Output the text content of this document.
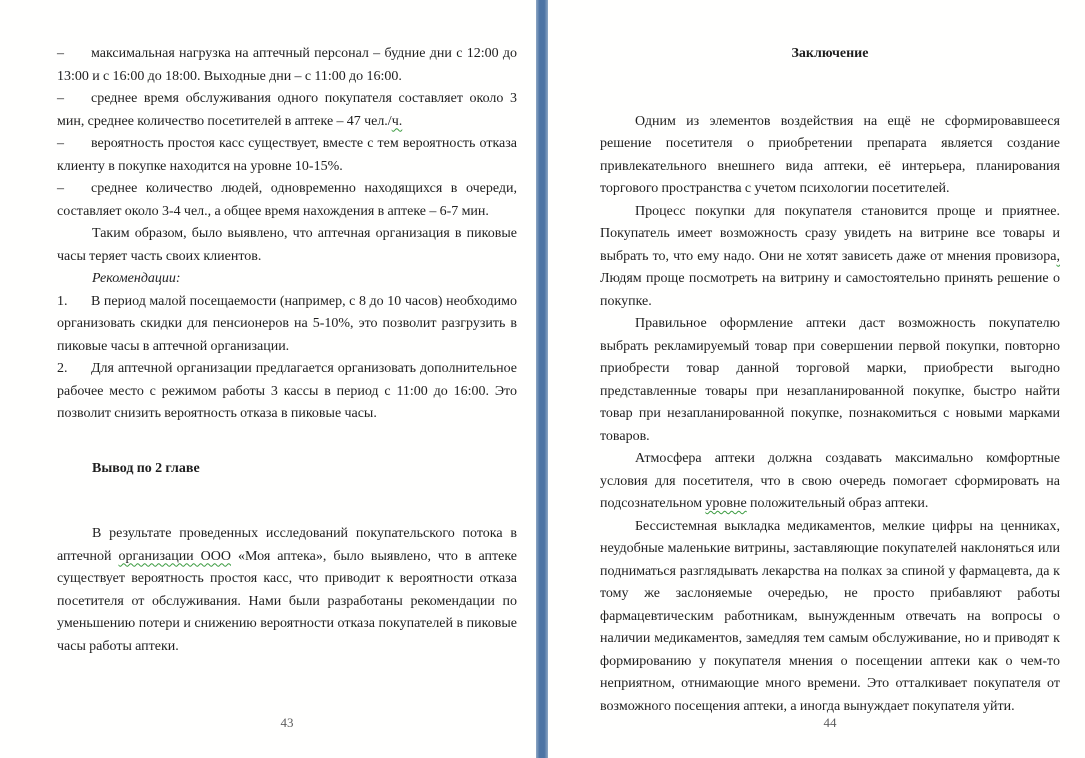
– максимальная нагрузка на аптечный персонал – будние дни с 12:00 до 13:00 и с 16:00 до 18:00. Выходные дни – с 11:00 до 16:00.

– среднее время обслуживания одного покупателя составляет около 3 мин, среднее количество посетителей в аптеке – 47 чел./ч.

– вероятность простоя касс существует, вместе с тем вероятность отказа клиенту в покупке находится на уровне 10-15%.

– среднее количество людей, одновременно находящихся в очереди, составляет около 3-4 чел., а общее время нахождения в аптеке – 6-7 мин.

Таким образом, было выявлено, что аптечная организация в пиковые часы теряет часть своих клиентов.

Рекомендации:

1. В период малой посещаемости (например, с 8 до 10 часов) необходимо организовать скидки для пенсионеров на 5-10%, это позволит разгрузить в пиковые часы в аптечной организации.

2. Для аптечной организации предлагается организовать дополнительное рабочее место с режимом работы 3 кассы в период с 11:00 до 16:00. Это позволит снизить вероятность отказа в пиковые часы.

Вывод по 2 главе

В результате проведенных исследований покупательского потока в аптечной организации ООО «Моя аптека», было выявлено, что в аптеке существует вероятность простоя касс, что приводит к вероятности отказа посетителя от обслуживания. Нами были разработаны рекомендации по уменьшению потери и снижению вероятности отказа покупателей в пиковые часы работы аптеки.

43

Заключение

Одним из элементов воздействия на ещё не сформировавшееся решение посетителя о приобретении препарата является создание привлекательного внешнего вида аптеки, её интерьера, планирования торгового пространства с учетом психологии посетителей.

Процесс покупки для покупателя становится проще и приятнее. Покупатель имеет возможность сразу увидеть на витрине все товары и выбрать то, что ему надо. Они не хотят зависеть даже от мнения провизора, Людям проще посмотреть на витрину и самостоятельно принять решение о покупке.

Правильное оформление аптеки даст возможность покупателю выбрать рекламируемый товар при совершении первой покупки, повторно приобрести товар данной торговой марки, приобрести выгодно представленные товары при незапланированной покупке, быстро найти товар при незапланированной покупке, познакомиться с новыми марками товаров.

Атмосфера аптеки должна создавать максимально комфортные условия для посетителя, что в свою очередь помогает сформировать на подсознательном уровне положительный образ аптеки.

Бессистемная выкладка медикаментов, мелкие цифры на ценниках, неудобные маленькие витрины, заставляющие покупателей наклоняться или подниматься разглядывать лекарства на полках за спиной у фармацевта, да к тому же заслоняемые очередью, не просто прибавляют работы фармацевтическим работникам, вынужденным отвечать на вопросы о наличии медикаментов, замедляя тем самым обслуживание, но и приводят к формированию у покупателя мнения о посещении аптеки как о чем-то неприятном, отнимающие много времени. Это отталкивает покупателя от возможного посещения аптеки, а иногда вынуждает покупателя уйти.

44
